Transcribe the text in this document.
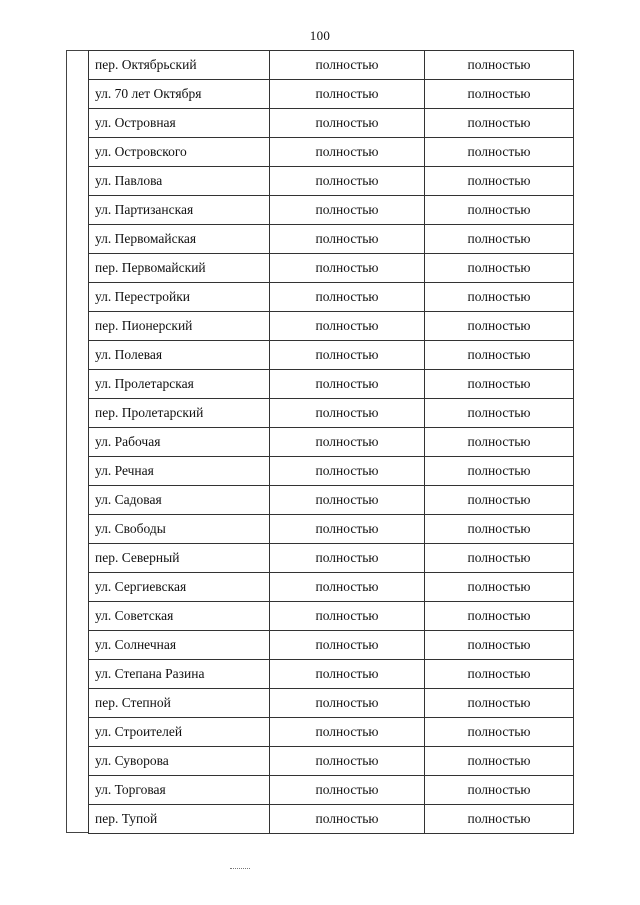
100
пер. Октябрьский	полностью	полностью
ул. 70 лет Октября	полностью	полностью
ул. Островная	полностью	полностью
ул. Островского	полностью	полностью
ул. Павлова	полностью	полностью
ул. Партизанская	полностью	полностью
ул. Первомайская	полностью	полностью
пер. Первомайский	полностью	полностью
ул. Перестройки	полностью	полностью
пер. Пионерский	полностью	полностью
ул. Полевая	полностью	полностью
ул. Пролетарская	полностью	полностью
пер. Пролетарский	полностью	полностью
ул. Рабочая	полностью	полностью
ул. Речная	полностью	полностью
ул. Садовая	полностью	полностью
ул. Свободы	полностью	полностью
пер. Северный	полностью	полностью
ул. Сергиевская	полностью	полностью
ул. Советская	полностью	полностью
ул. Солнечная	полностью	полностью
ул. Степана Разина	полностью	полностью
пер. Степной	полностью	полностью
ул. Строителей	полностью	полностью
ул. Суворова	полностью	полностью
ул. Торговая	полностью	полностью
пер. Тупой	полностью	полностью
